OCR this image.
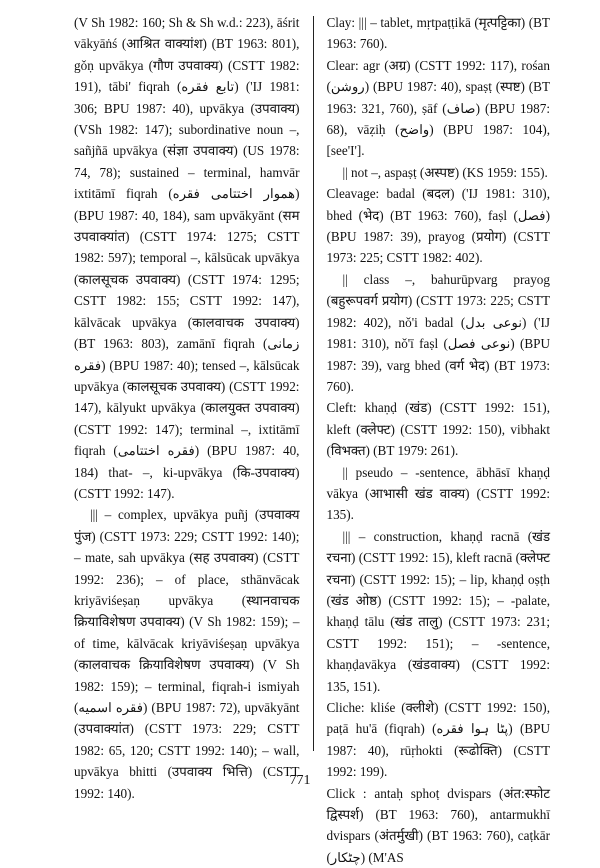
(V Sh 1982: 160; Sh & Sh w.d.: 223), āśrit vākyāṅś (आश्रित वाक्यांश) (BT 1963: 801), gǒṇ upvākya (गौण उपवाक्य) (CSTT 1982: 191), tābi' fiqrah (تابع فقره) ('IJ 1981: 306; BPU 1987: 40), upvākya (उपवाक्य) (VSh 1982: 147); subordinative noun –, sañjñā upvākya (संज्ञा उपवाक्य) (US 1978: 74, 78); sustained – terminal, hamvār ixtitāmī fiqrah (هموار اختتامی فقره) (BPU 1987: 40, 184), sam upvākyānt (सम उपवाक्यांत) (CSTT 1974: 1275; CSTT 1982: 597); temporal –, kālsūcak upvākya (कालसूचक उपवाक्य) (CSTT 1974: 1295; CSTT 1982: 155; CSTT 1992: 147), kālvācak upvākya (कालवाचक उपवाक्य) (BT 1963: 803), zamānī fiqrah (زمانی فقره) (BPU 1987: 40); tensed –, kālsūcak upvākya (कालसूचक उपवाक्य) (CSTT 1992: 147), kālyukt upvākya (कालयुक्त उपवाक्य) (CSTT 1992: 147); terminal –, ixtitāmī fiqrah (فقره اختتامی) (BPU 1987: 40, 184) that- –, ki-upvākya (कि-उपवाक्य) (CSTT 1992: 147).

||| – complex, upvākya puñj (उपवाक्य पुंज) (CSTT 1973: 229; CSTT 1992: 140); – mate, sah upvākya (सह उपवाक्य) (CSTT 1992: 236); – of place, sthānvācak kriyāviśeṣaṇ upvākya (स्थानवाचक क्रियाविशेषण उपवाक्य) (V Sh 1982: 159); – of time, kālvācak kriyāviśeṣaṇ upvākya (कालवाचक क्रियाविशेषण उपवाक्य) (V Sh 1982: 159); – terminal, fiqrah-i ismiyah (فقره اسمیه) (BPU 1987: 72), upvākyānt (उपवाक्यांत) (CSTT 1973: 229; CSTT 1982: 65, 120; CSTT 1992: 140); – wall, upvākya bhitti (उपवाक्य भित्ति) (CSTT 1992: 140).

Clay: ||| – tablet, mṛtpaṭṭikā (मृत्पट्टिका) (BT 1963: 760).

Clear: agr (अग्र) (CSTT 1992: 117), rośan (روشن) (BPU 1987: 40), spaṣṭ (स्पष्ट) (BT 1963: 321, 760), ṣāf (صاف) (BPU 1987: 68), vāẓiḥ (واضح) (BPU 1987: 104), [see'I'].

|| not –, aspaṣṭ (अस्पष्ट) (KS 1959: 155).

Cleavage: badal (बदल) ('IJ 1981: 310), bhed (भेद) (BT 1963: 760), faṣl (فصل) (BPU 1987: 39), prayog (प्रयोग) (CSTT 1973: 225; CSTT 1982: 402).

|| class –, bahurūpvarg prayog (बहुरूपवर्ग प्रयोग) (CSTT 1973: 225; CSTT 1982: 402), nǒ'i badal (نوعی بدل) ('IJ 1981: 310), nǒ'ī faṣl (نوعی فصل) (BPU 1987: 39), varg bhed (वर्ग भेद) (BT 1973: 760).

Cleft: khaṇḍ (खंड) (CSTT 1992: 151), kleft (क्लेफ्ट) (CSTT 1992: 150), vibhakt (विभक्त) (BT 1979: 261).

|| pseudo – -sentence, ābhāsī khaṇḍ vākya (आभासी खंड वाक्य) (CSTT 1992: 135).

||| – construction, khaṇḍ racnā (खंड रचना) (CSTT 1992: 15), kleft racnā (क्लेफ्ट रचना) (CSTT 1992: 15); – lip, khaṇḍ oṣṭh (खंड ओष्ठ) (CSTT 1992: 15); – -palate, khaṇḍ tālu (खंड तालु) (CSTT 1973: 231; CSTT 1992: 151); – -sentence, khaṇḍavākya (खंडवाक्य) (CSTT 1992: 135, 151).

Cliche: kliśe (क्लीशे) (CSTT 1992: 150), paṭā hu'ā (fiqrah) (پٹا ہوا فقره) (BPU 1987: 40), rūṛhokti (रूढोक्ति) (CSTT 1992: 199).

Click : antaḥ sphoṭ dvispars (अंत:स्फोट द्विस्पर्श) (BT 1963: 760), antarmukhī dvispars (अंतर्मुखी) (BT 1963: 760), caṭkār (چٹکار) (M'AS

771
